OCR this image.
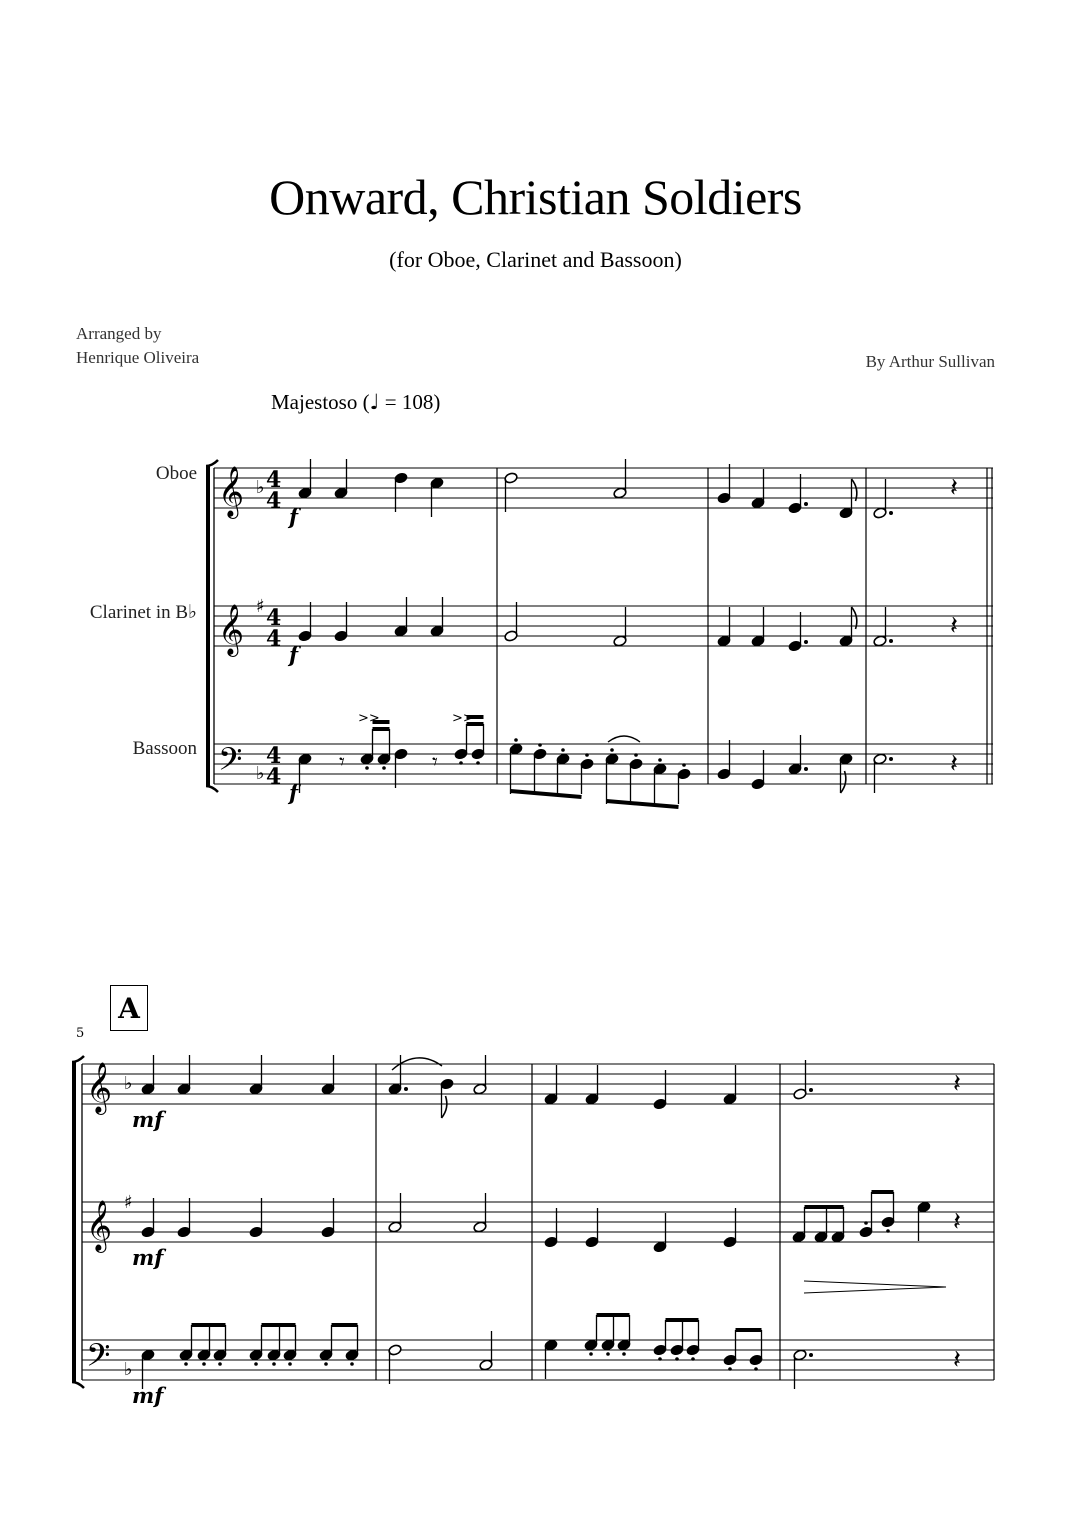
Onward, Christian Soldiers
(for Oboe, Clarinet and Bassoon)
Arranged by
Henrique Oliveira	By Arthur Sullivan
Majestoso (♩ = 108)
Oboe
Clarinet in B♭
Bassoon
A
5
𝄞 ♭ 4
4	𝄽
f
𝄞 ♯ 4
4	𝄽
f
𝄢 ♭
4
4
𝄾	𝄾
>>	>>
𝄽
f
𝄞 ♭	𝄽
mf
𝄞 ♯
𝄽
mf
𝄢 ♭	𝄽
mf
